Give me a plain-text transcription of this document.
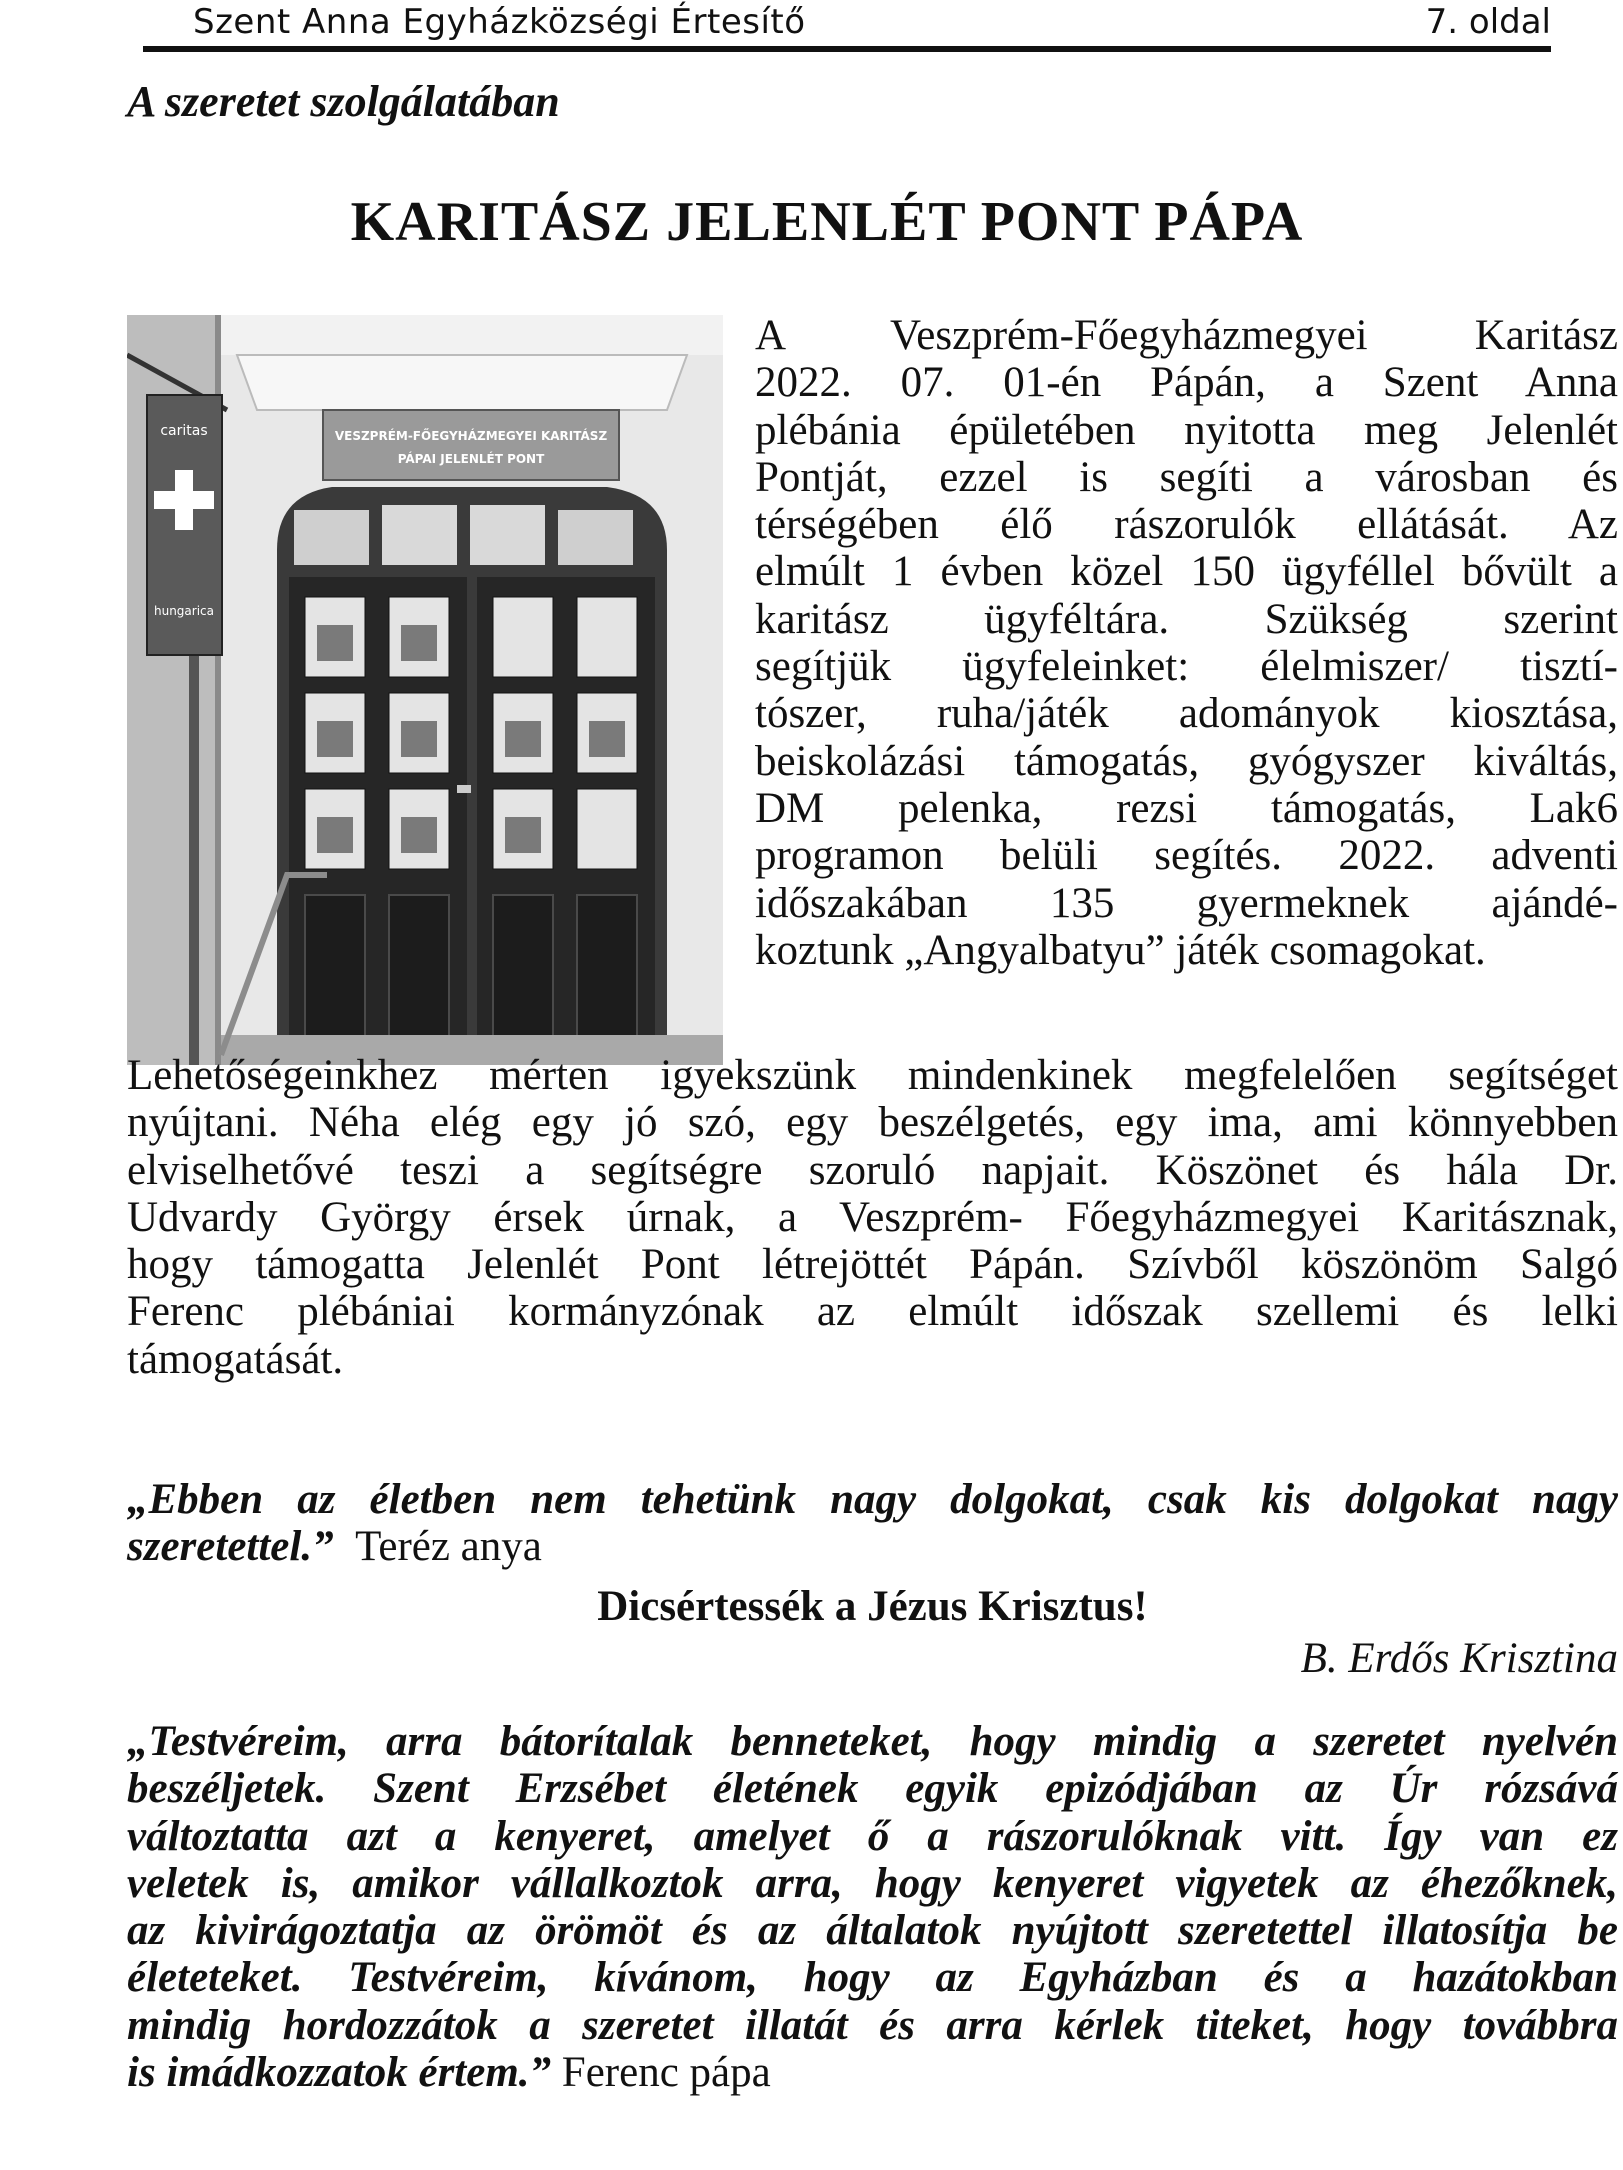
Szent Anna Egyházközségi Értesítő	7. oldal
A szeretet szolgálatában
KARITÁSZ JELENLÉT PONT PÁPA
VESZPRÉM-FŐEGYHÁZMEGYEI KARITÁSZ
PÁPAI JELENLÉT PONT
caritas
hungarica
A Veszprém-Főegyházmegyei Karitász
2022. 07. 01-én Pápán, a Szent Anna
plébánia épületében nyitotta meg Jelenlét
Pontját, ezzel is segíti a városban és
térségében élő rászorulók ellátását. Az
elmúlt 1 évben közel 150 ügyféllel bővült a
karitász ügyféltára. Szükség szerint
segítjük ügyfeleinket: élelmiszer/ tisztí-
tószer, ruha/játék adományok kiosztása,
beiskolázási támogatás, gyógyszer kiváltás,
DM pelenka, rezsi támogatás, Lak6
programon belüli segítés. 2022. adventi
időszakában 135 gyermeknek ajándé-
koztunk „Angyalbatyu” játék csomagokat.
Lehetőségeinkhez mérten igyekszünk mindenkinek megfelelően segítséget
nyújtani. Néha elég egy jó szó, egy beszélgetés, egy ima, ami könnyebben
elviselhetővé teszi a segítségre szoruló napjait. Köszönet és hála Dr.
Udvardy György érsek úrnak, a Veszprém- Főegyházmegyei Karitásznak,
hogy támogatta Jelenlét Pont létrejöttét Pápán. Szívből köszönöm Salgó
Ferenc plébániai kormányzónak az elmúlt időszak szellemi és lelki
támogatását.
„Ebben az életben nem tehetünk nagy dolgokat, csak kis dolgokat nagy
szeretettel.” Teréz anya
Dicsértessék a Jézus Krisztus!
B. Erdős Krisztina
„Testvéreim, arra bátorítalak benneteket, hogy mindig a szeretet nyelvén
beszéljetek. Szent Erzsébet életének egyik epizódjában az Úr rózsává
változtatta azt a kenyeret, amelyet ő a rászorulóknak vitt. Így van ez
veletek is, amikor vállalkoztok arra, hogy kenyeret vigyetek az éhezőknek,
az kivirágoztatja az örömöt és az általatok nyújtott szeretettel illatosítja be
életeteket. Testvéreim, kívánom, hogy az Egyházban és a hazátokban
mindig hordozzátok a szeretet illatát és arra kérlek titeket, hogy továbbra
is imádkozzatok értem.” Ferenc pápa
